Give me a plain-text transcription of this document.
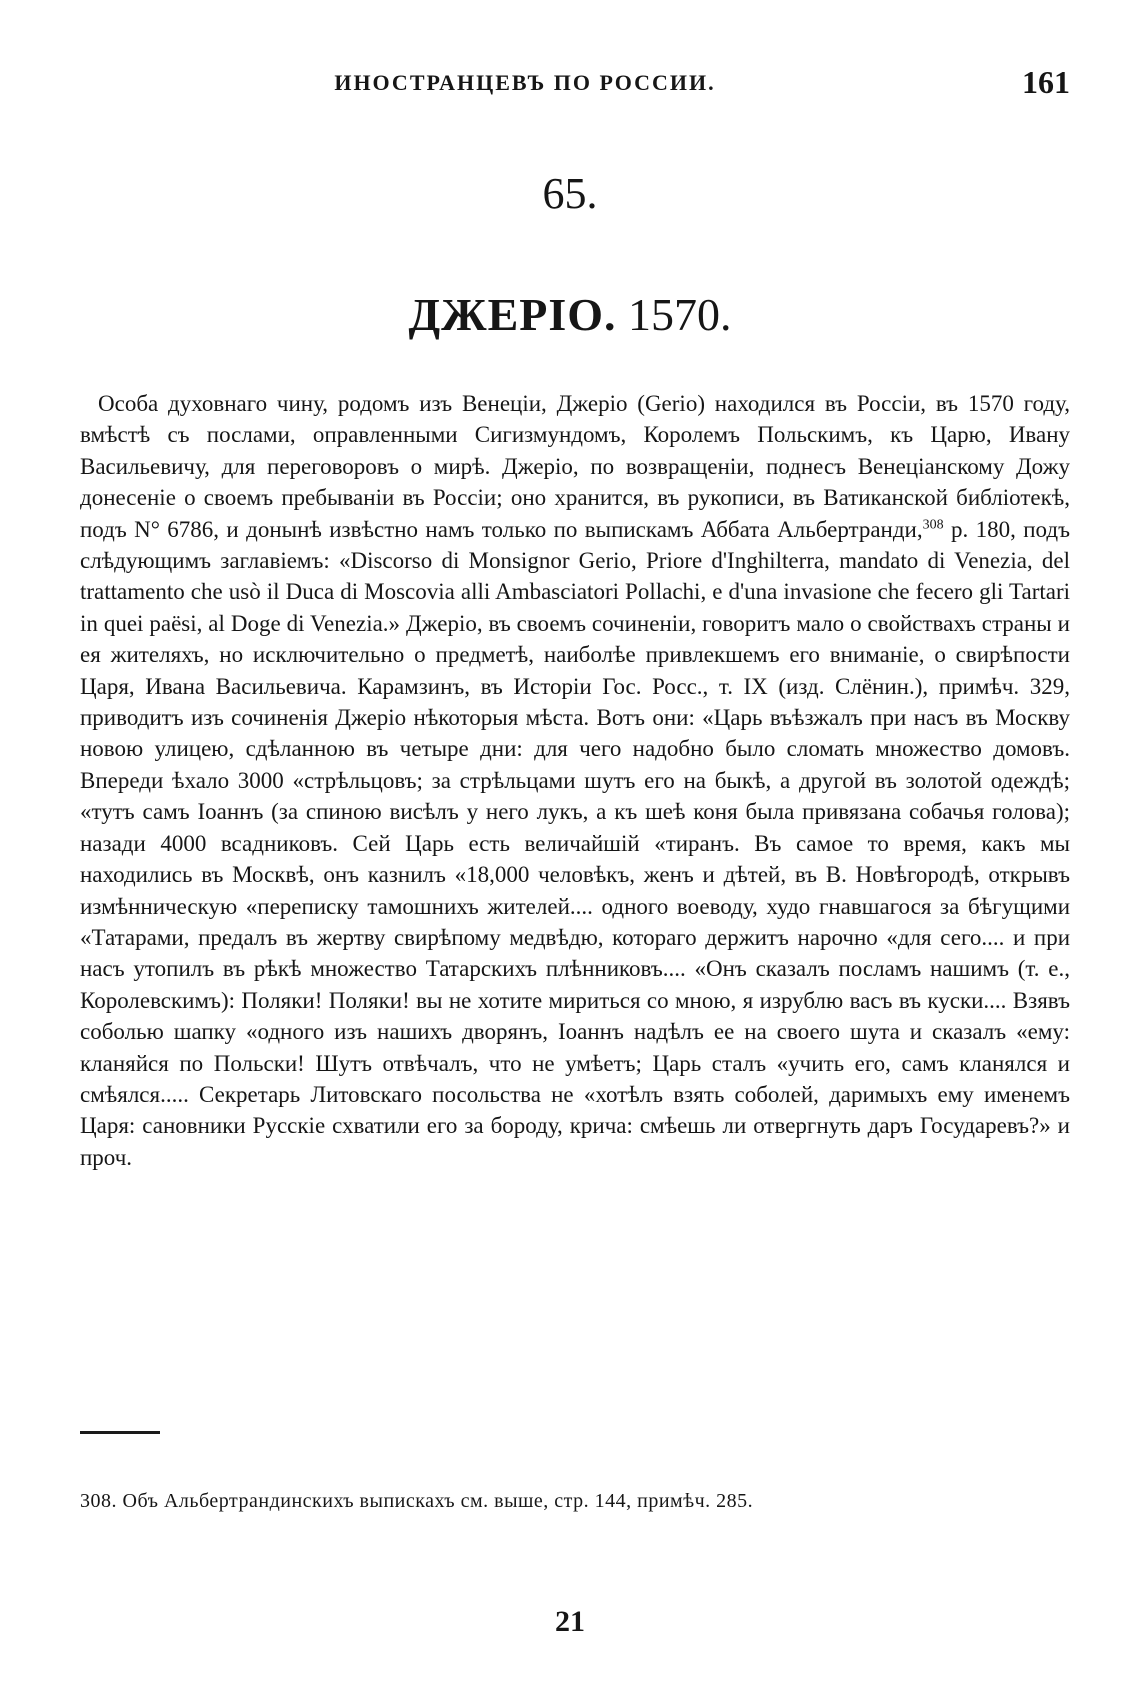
ИНОСТРАНЦЕВЪ ПО РОССИИ.	161
65.
ДЖЕРІО. 1570.

Особа духовнаго чину, родомъ изъ Венеціи, Джеріо (Gerio) находился въ Россіи, въ 1570 году, вмѣстѣ съ послами, оправленными Сигизмундомъ, Королемъ Польскимъ, къ Царю, Ивану Васильевичу, для переговоровъ о мирѣ. Джеріо, по возвращеніи, поднесъ Венеціанскому Дожу донесеніе о своемъ пребываніи въ Россіи; оно хранится, въ рукописи, въ Ватиканской библіотекѣ, подъ N° 6786, и донынѣ извѣстно намъ только по выпискамъ Аббата Альбертранди,$^{308}$ р. 180, подъ слѣдующимъ заглавіемъ: «Discorso di Monsignor Gerio, Priore d'Inghilterra, mandato di Venezia, del trattamento che usò il Duca di Moscovia alli Ambasciatori Pollachi, e d'una invasione che fecero gli Tartari in quei paësi, al Doge di Venezia.» Джеріо, въ своемъ сочиненіи, говоритъ мало о свойствахъ страны и ея жителяхъ, но исключительно о предметѣ, наиболѣе привлекшемъ его вниманіе, о свирѣпости Царя, Ивана Васильевича. Карамзинъ, въ Исторіи Гос. Росс., т. IX (изд. Слёнин.), примѣч. 329, приводитъ изъ сочиненія Джеріо нѣкоторыя мѣста. Вотъ они: «Царь въѣзжалъ при насъ въ Москву новою улицею, сдѣланною въ четыре дни: для чего надобно было сломать множество домовъ. Впереди ѣхало 3000 «стрѣльцовъ; за стрѣльцами шутъ его на быкѣ, а другой въ золотой одеждѣ; «тутъ самъ Іоаннъ (за спиною висѣлъ у него лукъ, а къ шеѣ коня была привязана собачья голова); назади 4000 всадниковъ. Сей Царь есть величайшій «тиранъ. Въ самое то время, какъ мы находились въ Москвѣ, онъ казнилъ «18,000 человѣкъ, женъ и дѣтей, въ В. Новѣгородѣ, открывъ измѣнническую «переписку тамошнихъ жителей.... одного воеводу, худо гнавшагося за бѣгущими «Татарами, предалъ въ жертву свирѣпому медвѣдю, котораго держитъ нарочно «для сего.... и при насъ утопилъ въ рѣкѣ множество Татарскихъ плѣнниковъ.... «Онъ сказалъ посламъ нашимъ (т. е., Королевскимъ): Поляки! Поляки! вы не хотите мириться со мною, я изрублю васъ въ куски.... Взявъ соболью шапку «одного изъ нашихъ дворянъ, Іоаннъ надѣлъ ее на своего шута и сказалъ «ему: кланяйся по Польски! Шутъ отвѣчалъ, что не умѣетъ; Царь сталъ «учить его, самъ кланялся и смѣялся..... Секретарь Литовскаго посольства не «хотѣлъ взять соболей, даримыхъ ему именемъ Царя: сановники Русскіе схватили его за бороду, крича: смѣешь ли отвергнуть даръ Государевъ?» и проч.

308. Объ Альбертрандинскихъ выпискахъ см. выше, стр. 144, примѣч. 285.
21
